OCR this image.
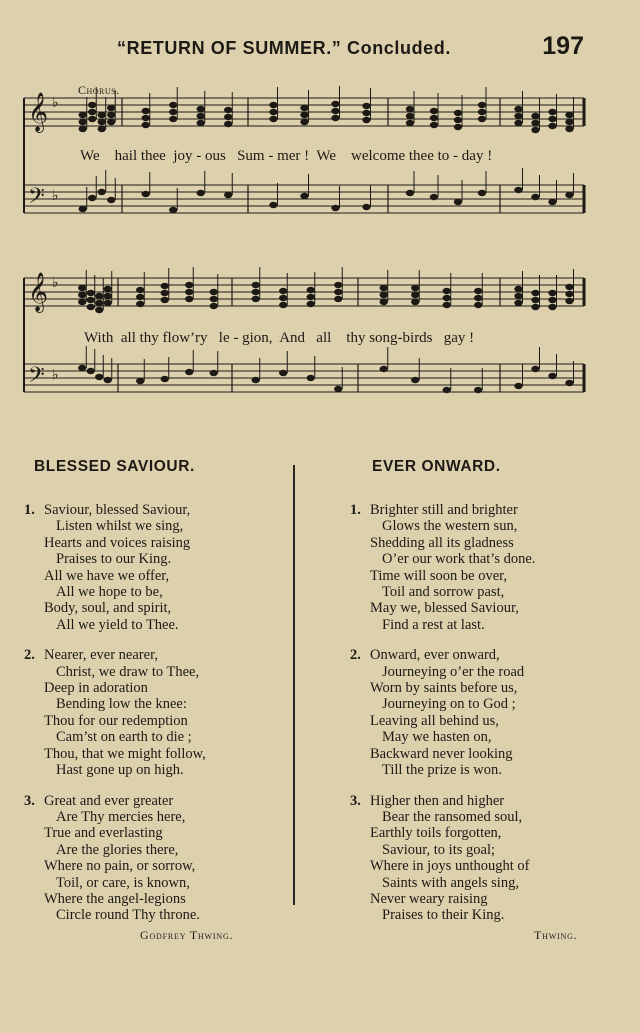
“RETURN OF SUMMER.” Concluded.	197
Chorus.
𝄞
𝄢
♭
♭
We    hail thee  joy - ous   Sum - mer !  We    welcome thee to - day !
𝄞
𝄢
♭
♭
With  all thy flow’ry   le - gion,  And   all    thy song-birds   gay !
BLESSED SAVIOUR.
1. Saviour, blessed Saviour,
Listen whilst we sing,
Hearts and voices raising
Praises to our King.
All we have we offer,
All we hope to be,
Body, soul, and spirit,
All we yield to Thee.
2. Nearer, ever nearer,
Christ, we draw to Thee,
Deep in adoration
Bending low the knee:
Thou for our redemption
Cam’st on earth to die ;
Thou, that we might follow,
Hast gone up on high.
3. Great and ever greater
Are Thy mercies here,
True and everlasting
Are the glories there,
Where no pain, or sorrow,
Toil, or care, is known,
Where the angel-legions
Circle round Thy throne.
Godfrey Thwing.
EVER ONWARD.
1. Brighter still and brighter
Glows the western sun,
Shedding all its gladness
O’er our work that’s done.
Time will soon be over,
Toil and sorrow past,
May we, blessed Saviour,
Find a rest at last.
2. Onward, ever onward,
Journeying o’er the road
Worn by saints before us,
Journeying on to God ;
Leaving all behind us,
May we hasten on,
Backward never looking
Till the prize is won.
3. Higher then and higher
Bear the ransomed soul,
Earthly toils forgotten,
Saviour, to its goal;
Where in joys unthought of
Saints with angels sing,
Never weary raising
Praises to their King.
Thwing.
